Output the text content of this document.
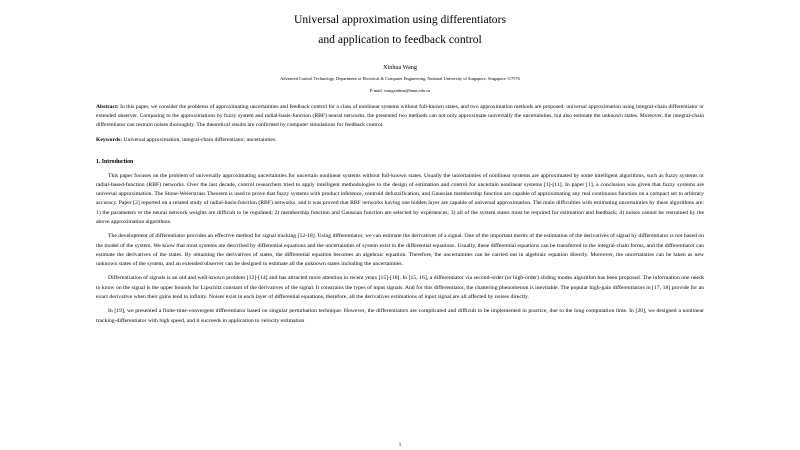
Universal approximation using differentiators
and application to feedback control
Xinhua Wang
Advanced Control Technology, Department of Electrical & Computer Engineering, National University of Singapore, Singapore 117576
E-mail: wangxinhua@hnas.edu.cn
Abstract: In this paper, we consider the problems of approximating uncertainties and feedback control for a class of nonlinear systems without full-known states, and two approximation methods are proposed: universal approximation using integral-chain differentiator or extended observer. Comparing to the approximations by fuzzy system and radial-basis-function (RBF) neural networks, the presented two methods can not only approximate universally the uncertainties, but also estimate the unknown states. Moreover, the integral-chain differentiator can restrain noises thoroughly. The theoretical results are confirmed by computer simulations for feedback control.
Keywords: Universal approximation, integral-chain differentiator, uncertainties.
1. Introduction
This paper focuses on the problem of universally approximating uncertainties for uncertain nonlinear systems without full-known states. Usually the uncertainties of nonlinear systems are approximated by some intelligent algorithms, such as fuzzy systems or radial-based-function (RBF) networks. Over the last decade, control researchers tried to apply intelligent methodologies to the design of estimation and control for uncertain nonlinear systems [1]-[11]. In paper [1], a conclusion was given that fuzzy systems are universal approximation. The Stone-Weierstrass Theorem is used to prove that fuzzy systems with product inference, centroid defuzzification, and Gaussian membership function are capable of approximating any real continuous function on a compact set to arbitrary accuracy. Paper [2] reported on a related study of radial-basis-function (RBF) networks, and it was proved that RBF networks having one hidden layer are capable of universal approximation. The main difficulties with estimating uncertainties by these algorithms are: 1) the parameters or the neural network weights are difficult to be regulated; 2) membership function and Gaussian function are selected by experiences; 3) all of the system states must be required for estimation and feedback; 4) noises cannot be restrained by the above approximation algorithms.
The development of differentiator provides an effective method for signal tracking [12-18]. Using differentiator, we can estimate the derivatives of a signal. One of the important merits of the estimation of the derivatives of signal by differentiator is not based on the model of the system. We know that most systems are described by differential equations and the uncertainties of system exist in the differential equations. Usually, these differential equations can be transferred to the integral-chain forms, and the differentiator can estimate the derivatives of the states. By obtaining the derivatives of states, the differential equation becomes an algebraic equation. Therefore, the uncertainties can be carried out in algebraic equation directly. Moreover, the uncertainties can be taken as new unknown states of the system, and an extended observer can be designed to estimate all the unknown states including the uncertainties.
Differentiation of signals is an old and well-known problem [12]-[14] and has attracted more attention in recent years [15]-[18]. In [15, 16], a differentiator via second-order (or high-order) sliding modes algorithm has been proposed. The information one needs to know on the signal is the upper bounds for Lipschitz constant of the derivatives of the signal. It constrains the types of input signals. And for this differentiator, the chattering phenomenon is inevitable. The popular high-gain differentiators in [17, 18] provide for an exact derivative when their gains tend to infinity. Noises exist in each layer of differential equations, therefore, all the derivatives estimations of input signal are all affected by noises directly.
In [19], we presented a finite-time-convergent differentiator based on singular perturbation technique. However, the differentiators are complicated and difficult to be implemented in practice, due to the long computation time. In [20], we designed a nonlinear tracking-differentiator with high speed, and it succeeds in application to velocity estimation
1
